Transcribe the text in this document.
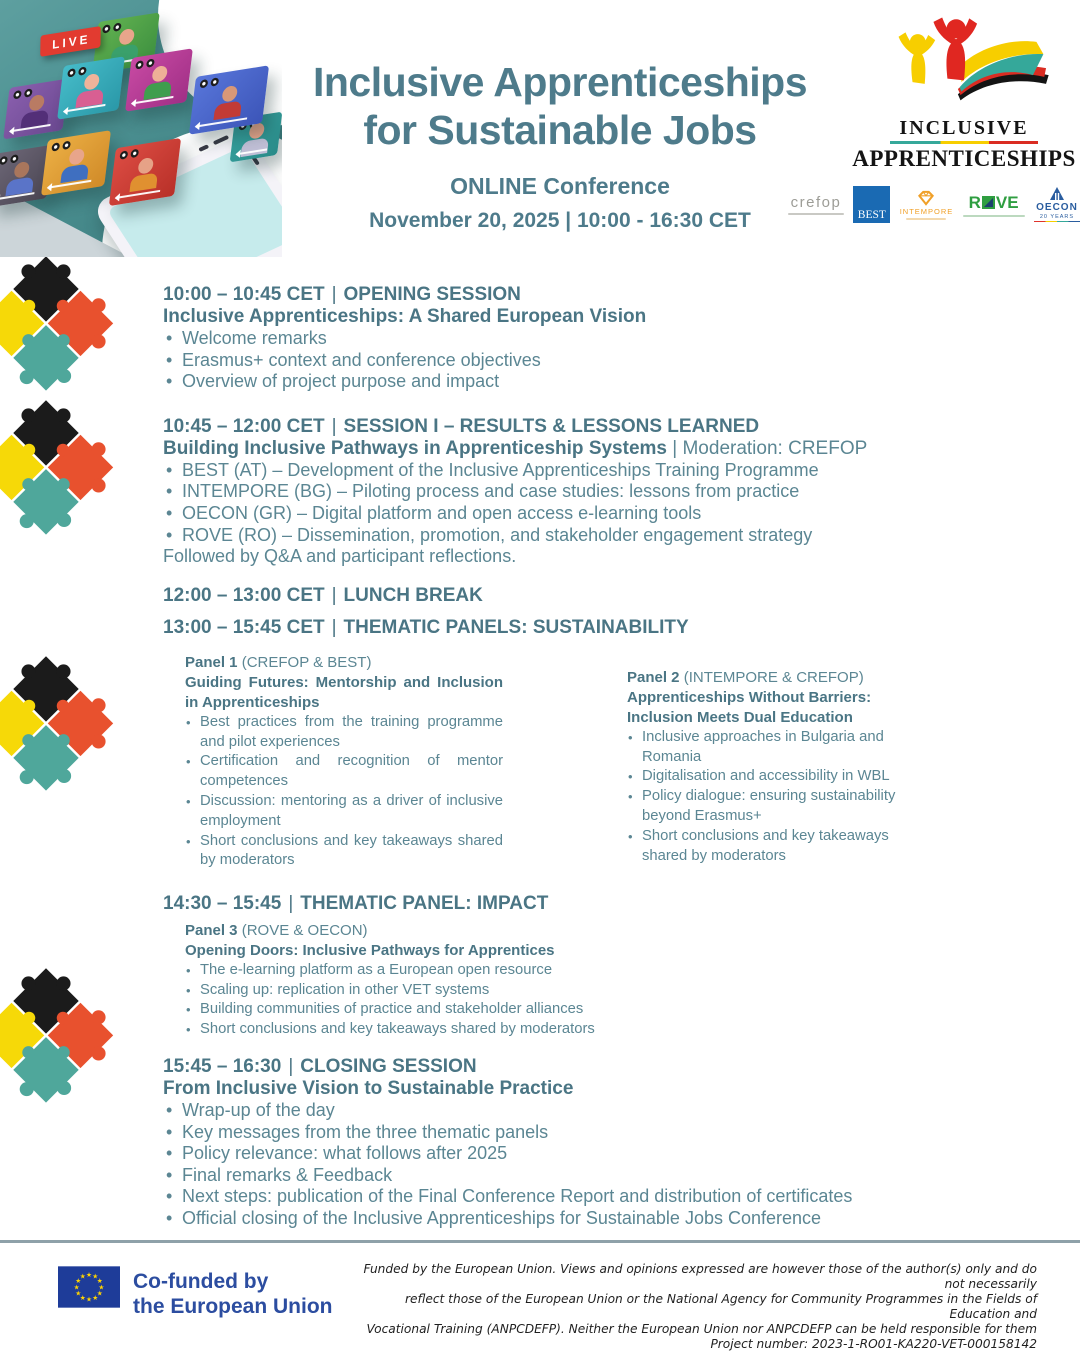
LIVE
Inclusive Apprenticeships
for Sustainable Jobs
ONLINE Conference
November 20, 2025 | 10:00 - 16:30 CET
INCLUSIVE
APPRENTICESHIPS
crefop
BEST INTEMPORE R VE OECON
20 YEARS
10:00 – 10:45 CET | OPENING SESSION
Inclusive Apprenticeships: A Shared European Vision
• Welcome remarks
• Erasmus+ context and conference objectives
• Overview of project purpose and impact
10:45 – 12:00 CET | SESSION I – RESULTS & LESSONS LEARNED
Building Inclusive Pathways in Apprenticeship Systems | Moderation: CREFOP
• BEST (AT) – Development of the Inclusive Apprenticeships Training Programme
• INTEMPORE (BG) – Piloting process and case studies: lessons from practice
• OECON (GR) – Digital platform and open access e-learning tools
• ROVE (RO) – Dissemination, promotion, and stakeholder engagement strategy
Followed by Q&A and participant reflections.
12:00 – 13:00 CET | LUNCH BREAK
13:00 – 15:45 CET | THEMATIC PANELS: SUSTAINABILITY
Panel 1 (CREFOP & BEST)
Guiding Futures: Mentorship and Inclusion in Apprenticeships
• Best practices from the training programme and pilot experiences
• Certification and recognition of mentor competences
• Discussion: mentoring as a driver of inclusive employment
• Short conclusions and key takeaways shared by moderators
Panel 2 (INTEMPORE & CREFOP)
Apprenticeships Without Barriers: Inclusion Meets Dual Education
• Inclusive approaches in Bulgaria and Romania
• Digitalisation and accessibility in WBL
• Policy dialogue: ensuring sustainability beyond Erasmus+
• Short conclusions and key takeaways shared by moderators
14:30 – 15:45 | THEMATIC PANEL: IMPACT
Panel 3 (ROVE & OECON)
Opening Doors: Inclusive Pathways for Apprentices
• The e-learning platform as a European open resource
• Scaling up: replication in other VET systems
• Building communities of practice and stakeholder alliances
• Short conclusions and key takeaways shared by moderators
15:45 – 16:30 | CLOSING SESSION
From Inclusive Vision to Sustainable Practice
• Wrap-up of the day
• Key messages from the three thematic panels
• Policy relevance: what follows after 2025
• Final remarks & Feedback
• Next steps: publication of the Final Conference Report and distribution of certificates
• Official closing of the Inclusive Apprenticeships for Sustainable Jobs Conference
★ ★
★
★
★
★
★
★
★
★
★
★ Co-funded by
the European Union
Funded by the European Union. Views and opinions expressed are however those of the author(s) only and do not necessarily
reflect those of the European Union or the National Agency for Community Programmes in the Fields of Education and
Vocational Training (ANPCDEFP). Neither the European Union nor ANPCDEFP can be held responsible for them
Project number: 2023-1-RO01-KA220-VET-000158142
